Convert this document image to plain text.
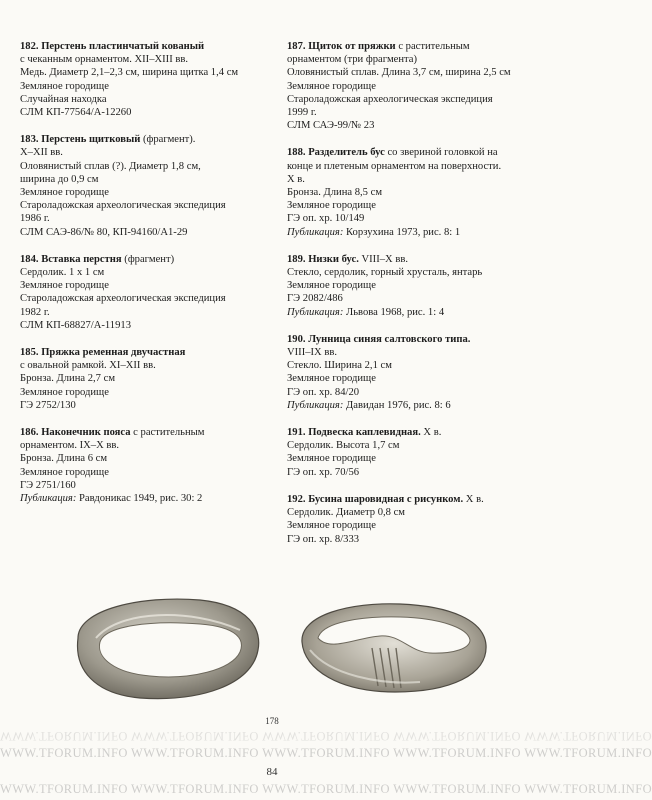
182. Перстень пластинчатый кованый
с чеканным орнаментом. XII–XIII вв.
Медь. Диаметр 2,1–2,3 см, ширина щитка 1,4 см
Земляное городище
Случайная находка
СЛМ КП-77564/А-12260
183. Перстень щитковый (фрагмент).
X–XII вв.
Оловянистый сплав (?). Диаметр 1,8 см,
ширина до 0,9 см
Земляное городище
Староладожская археологическая экспедиция
1986 г.
СЛМ САЭ-86/№ 80, КП-94160/А1-29
184. Вставка перстня (фрагмент)
Сердолик. 1 х 1 см
Земляное городище
Староладожская археологическая экспедиция
1982 г.
СЛМ КП-68827/А-11913
185. Пряжка ременная двучастная
с овальной рамкой. XI–XII вв.
Бронза. Длина 2,7 см
Земляное городище
ГЭ 2752/130
186. Наконечник пояса с растительным
орнаментом. IX–X вв.
Бронза. Длина 6 см
Земляное городище
ГЭ 2751/160
Публикация: Равдоникас 1949, рис. 30: 2
187. Щиток от пряжки с растительным
орнаментом (три фрагмента)
Оловянистый сплав. Длина 3,7 см, ширина 2,5 см
Земляное городище
Староладожская археологическая экспедиция
1999 г.
СЛМ САЭ-99/№ 23
188. Разделитель бус со звериной головкой на
конце и плетеным орнаментом на поверхности.
X в.
Бронза. Длина 8,5 см
Земляное городище
ГЭ оп. хр. 10/149
Публикация: Корзухина 1973, рис. 8: 1
189. Низки бус. VIII–X вв.
Стекло, сердолик, горный хрусталь, янтарь
Земляное городище
ГЭ 2082/486
Публикация: Львова 1968, рис. 1: 4
190. Лунница синяя салтовского типа.
VIII–IX вв.
Стекло. Ширина 2,1 см
Земляное городище
ГЭ оп. хр. 84/20
Публикация: Давидан 1976, рис. 8: 6
191. Подвеска каплевидная. X в.
Сердолик. Высота 1,7 см
Земляное городище
ГЭ оп. хр. 70/56
192. Бусина шаровидная с рисунком. X в.
Сердолик. Диаметр 0,8 см
Земляное городище
ГЭ оп. хр. 8/333
178
WWW.TFORUM.INFO WWW.TFORUM.INFO WWW.TFORUM.INFO WWW.TFORUM.INFO WWW.TFORUM.INFO
WWW.TFORUM.INFO WWW.TFORUM.INFO WWW.TFORUM.INFO WWW.TFORUM.INFO WWW.TFORUM.INFO
84
WWW.TFORUM.INFO WWW.TFORUM.INFO WWW.TFORUM.INFO WWW.TFORUM.INFO WWW.TFORUM.INFO
